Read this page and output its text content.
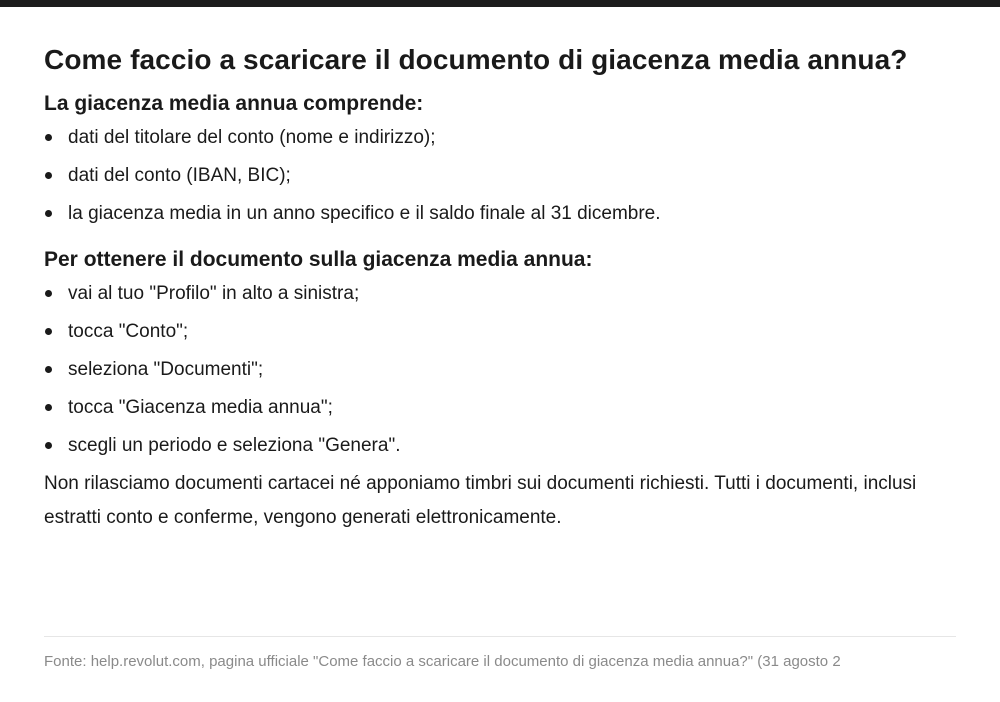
Come faccio a scaricare il documento di giacenza media annua?
La giacenza media annua comprende:
dati del titolare del conto (nome e indirizzo);
dati del conto (IBAN, BIC);
la giacenza media in un anno specifico e il saldo finale al 31 dicembre.
Per ottenere il documento sulla giacenza media annua:
vai al tuo "Profilo" in alto a sinistra;
tocca "Conto";
seleziona "Documenti";
tocca "Giacenza media annua";
scegli un periodo e seleziona "Genera".

Non rilasciamo documenti cartacei né apponiamo timbri sui documenti richiesti. Tutti i documenti, inclusi estratti conto e conferme, vengono generati elettronicamente.

Fonte: help.revolut.com, pagina ufficiale "Come faccio a scaricare il documento di giacenza media annua?" (31 agosto 2
